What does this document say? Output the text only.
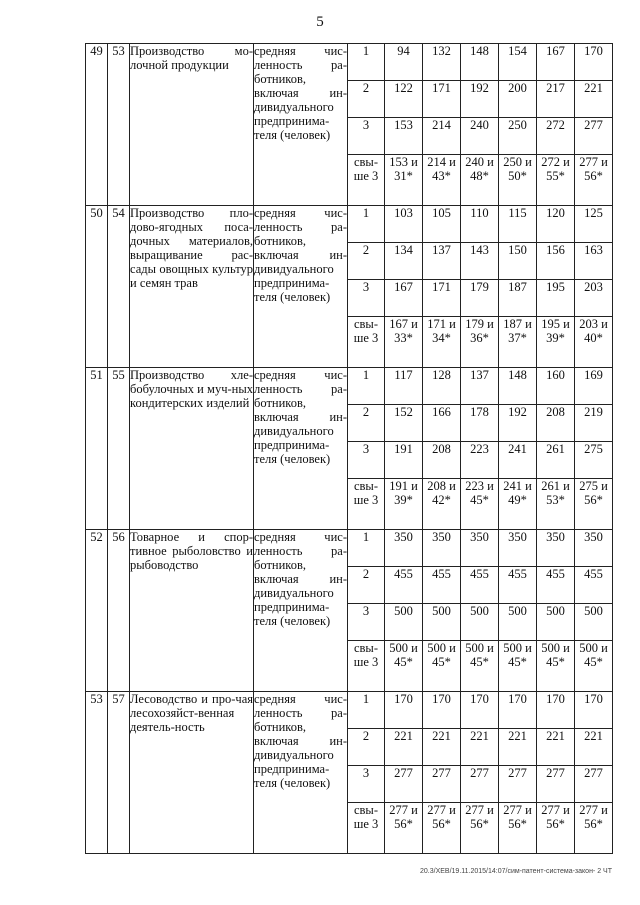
5
49	53	Производство мо-лочной продукции	средняя чис-ленность ра-ботников, включая ин-дивидуального предпринима-теля (человек)	1	94	132	148	154	167	170
				2	122	171	192	200	217	221
				3	153	214	240	250	272	277
				свы-ше 3	153 и 31*	214 и 43*	240 и 48*	250 и 50*	272 и 55*	277 и 56*
50	54	Производство пло-дово-ягодных поса-дочных материалов, выращивание рас-сады овощных культур и семян трав	средняя чис-ленность ра-ботников, включая ин-дивидуального предпринима-теля (человек)	1	103	105	110	115	120	125
				2	134	137	143	150	156	163
				3	167	171	179	187	195	203
				свы-ше 3	167 и 33*	171 и 34*	179 и 36*	187 и 37*	195 и 39*	203 и 40*
51	55	Производство хле-бобулочных и муч-ных кондитерских изделий	средняя чис-ленность ра-ботников, включая ин-дивидуального предпринима-теля (человек)	1	117	128	137	148	160	169
				2	152	166	178	192	208	219
				3	191	208	223	241	261	275
				свы-ше 3	191 и 39*	208 и 42*	223 и 45*	241 и 49*	261 и 53*	275 и 56*
52	56	Товарное и спор-тивное рыболовство и рыбоводство	средняя чис-ленность ра-ботников, включая ин-дивидуального предпринима-теля (человек)	1	350	350	350	350	350	350
				2	455	455	455	455	455	455
				3	500	500	500	500	500	500
				свы-ше 3	500 и 45*	500 и 45*	500 и 45*	500 и 45*	500 и 45*	500 и 45*
53	57	Лесоводство и про-чая лесохозяйст-венная деятель-ность	средняя чис-ленность ра-ботников, включая ин-дивидуального предпринима-теля (человек)	1	170	170	170	170	170	170
				2	221	221	221	221	221	221
				3	277	277	277	277	277	277
				свы-ше 3	277 и 56*	277 и 56*	277 и 56*	277 и 56*	277 и 56*	277 и 56*
20.3/ХЕВ/19.11.2015/14:07/сим-патент-система-закон- 2 ЧТ
